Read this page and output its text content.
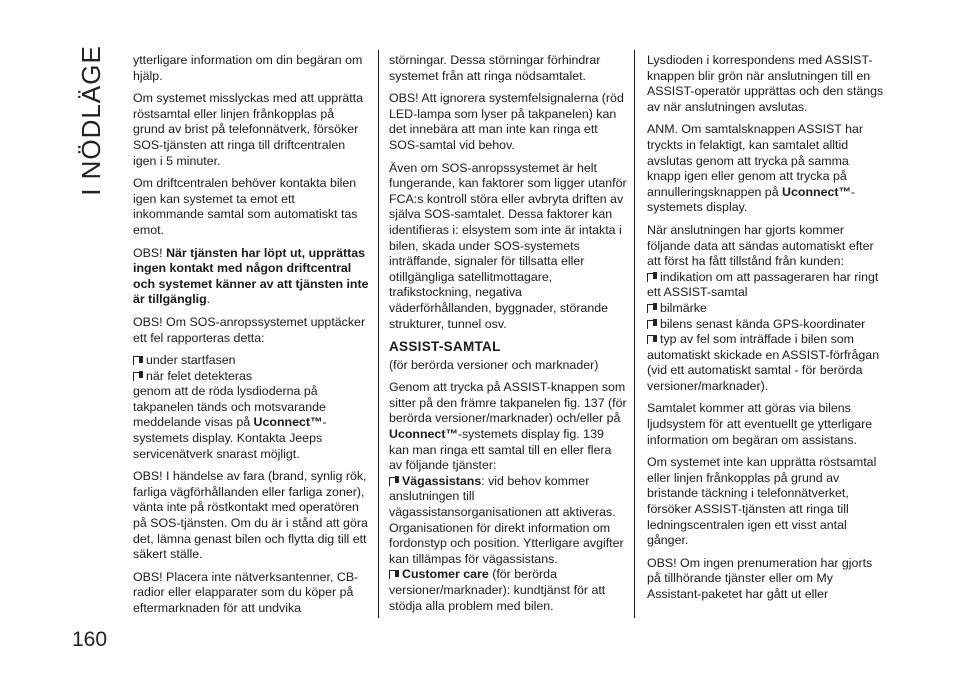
I NÖDLÄGE ytterligare information om din begäran om hjälp.

Om systemet misslyckas med att upprätta röstsamtal eller linjen frånkopplas på grund av brist på telefonnätverk, försöker SOS-tjänsten att ringa till driftcentralen igen i 5 minuter.

Om driftcentralen behöver kontakta bilen igen kan systemet ta emot ett inkommande samtal som automatiskt tas emot.

OBS! När tjänsten har löpt ut, upprättas ingen kontakt med någon driftcentral och systemet känner av att tjänsten inte är tillgänglig.

OBS! Om SOS-anropssystemet upptäcker ett fel rapporteras detta:

under startfasen
när felet detekteras

genom att de röda lysdioderna på takpanelen tänds och motsvarande meddelande visas på Uconnect™-systemets display. Kontakta Jeeps servicenätverk snarast möjligt.

OBS! I händelse av fara (brand, synlig rök, farliga vägförhållanden eller farliga zoner), vänta inte på röstkontakt med operatören på SOS-tjänsten. Om du är i stånd att göra det, lämna genast bilen och flytta dig till ett säkert ställe.

OBS! Placera inte nätverksantenner, CB-radior eller elapparater som du köper på eftermarknaden för att undvika

störningar. Dessa störningar förhindrar systemet från att ringa nödsamtalet.

OBS! Att ignorera systemfelsignalerna (röd LED-lampa som lyser på takpanelen) kan det innebära att man inte kan ringa ett SOS-samtal vid behov.

Även om SOS-anropssystemet är helt fungerande, kan faktorer som ligger utanför FCA:s kontroll störa eller avbryta driften av själva SOS-samtalet. Dessa faktorer kan identifieras i: elsystem som inte är intakta i bilen, skada under SOS-systemets inträffande, signaler för tillsatta eller otillgängliga satellitmottagare, trafikstockning, negativa väderförhållanden, byggnader, störande strukturer, tunnel osv.

ASSIST-SAMTAL

(för berörda versioner och marknader)

Genom att trycka på ASSIST-knappen som sitter på den främre takpanelen fig. 137 (för berörda versioner/marknader) och/eller på Uconnect™-systemets display fig. 139 kan man ringa ett samtal till en eller flera av följande tjänster:

Vägassistans: vid behov kommer anslutningen till vägassistansorganisationen att aktiveras. Organisationen för direkt information om fordonstyp och position. Ytterligare avgifter kan tillämpas för vägassistans.
Customer care (för berörda versioner/marknader): kundtjänst för att stödja alla problem med bilen.

Lysdioden i korrespondens med ASSIST-knappen blir grön när anslutningen till en ASSIST-operatör upprättas och den stängs av när anslutningen avslutas.

ANM. Om samtalsknappen ASSIST har tryckts in felaktigt, kan samtalet alltid avslutas genom att trycka på samma knapp igen eller genom att trycka på annulleringsknappen på Uconnect™-systemets display.

När anslutningen har gjorts kommer följande data att sändas automatiskt efter att först ha fått tillstånd från kunden:

indikation om att passageraren har ringt ett ASSIST-samtal
bilmärke
bilens senast kända GPS-koordinater
typ av fel som inträffade i bilen som automatiskt skickade en ASSIST-förfrågan (vid ett automatiskt samtal - för berörda versioner/marknader).

Samtalet kommer att göras via bilens ljudsystem för att eventuellt ge ytterligare information om begäran om assistans.

Om systemet inte kan upprätta röstsamtal eller linjen frånkopplas på grund av bristande täckning i telefonnätverket, försöker ASSIST-tjänsten att ringa till ledningscentralen igen ett visst antal gånger.

OBS! Om ingen prenumeration har gjorts på tillhörande tjänster eller om My Assistant-paketet har gått ut eller

160
